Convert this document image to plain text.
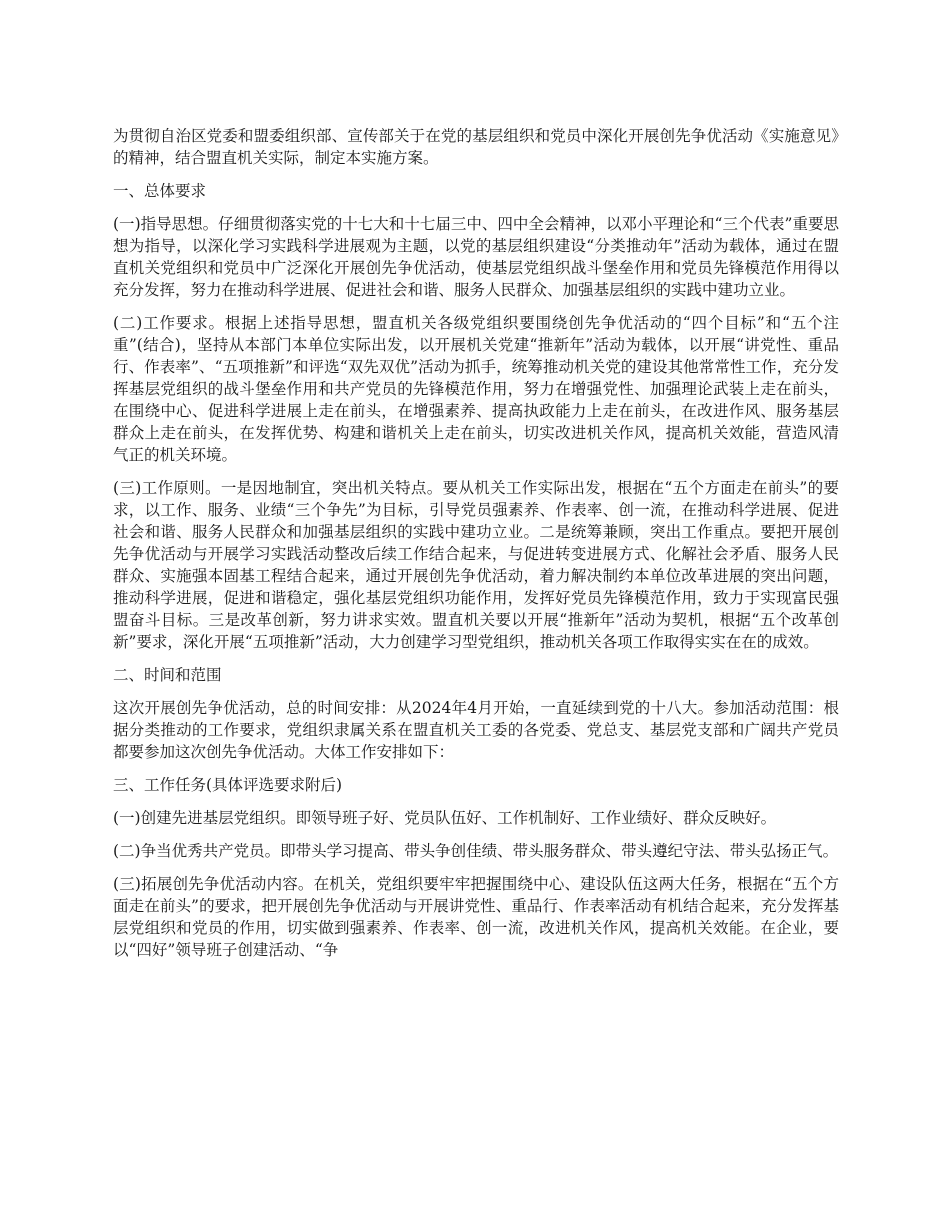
为贯彻自治区党委和盟委组织部、宣传部关于在党的基层组织和党员中深化开展创先争优活动《实施意见》的精神，结合盟直机关实际，制定本实施方案。

一、总体要求

(一)指导思想。仔细贯彻落实党的十七大和十七届三中、四中全会精神，以邓小平理论和“三个代表”重要思想为指导，以深化学习实践科学进展观为主题，以党的基层组织建设“分类推动年”活动为载体，通过在盟直机关党组织和党员中广泛深化开展创先争优活动，使基层党组织战斗堡垒作用和党员先锋模范作用得以充分发挥，努力在推动科学进展、促进社会和谐、服务人民群众、加强基层组织的实践中建功立业。

(二)工作要求。根据上述指导思想，盟直机关各级党组织要围绕创先争优活动的“四个目标”和“五个注重”(结合)，坚持从本部门本单位实际出发，以开展机关党建“推新年”活动为载体，以开展“讲党性、重品行、作表率”、“五项推新”和评选“双先双优”活动为抓手，统筹推动机关党的建设其他常常性工作，充分发挥基层党组织的战斗堡垒作用和共产党员的先锋模范作用，努力在增强党性、加强理论武装上走在前头，在围绕中心、促进科学进展上走在前头，在增强素养、提高执政能力上走在前头，在改进作风、服务基层群众上走在前头，在发挥优势、构建和谐机关上走在前头，切实改进机关作风，提高机关效能，营造风清气正的机关环境。

(三)工作原则。一是因地制宜，突出机关特点。要从机关工作实际出发，根据在“五个方面走在前头”的要求，以工作、服务、业绩“三个争先”为目标，引导党员强素养、作表率、创一流，在推动科学进展、促进社会和谐、服务人民群众和加强基层组织的实践中建功立业。二是统筹兼顾，突出工作重点。要把开展创先争优活动与开展学习实践活动整改后续工作结合起来，与促进转变进展方式、化解社会矛盾、服务人民群众、实施强本固基工程结合起来，通过开展创先争优活动，着力解决制约本单位改革进展的突出问题，推动科学进展，促进和谐稳定，强化基层党组织功能作用，发挥好党员先锋模范作用，致力于实现富民强盟奋斗目标。三是改革创新，努力讲求实效。盟直机关要以开展“推新年”活动为契机，根据“五个改革创新”要求，深化开展“五项推新”活动，大力创建学习型党组织，推动机关各项工作取得实实在在的成效。

二、时间和范围

这次开展创先争优活动，总的时间安排：从2024年4月开始，一直延续到党的十八大。参加活动范围：根据分类推动的工作要求，党组织隶属关系在盟直机关工委的各党委、党总支、基层党支部和广阔共产党员都要参加这次创先争优活动。大体工作安排如下：

三、工作任务(具体评选要求附后)

(一)创建先进基层党组织。即领导班子好、党员队伍好、工作机制好、工作业绩好、群众反映好。

(二)争当优秀共产党员。即带头学习提高、带头争创佳绩、带头服务群众、带头遵纪守法、带头弘扬正气。

(三)拓展创先争优活动内容。在机关，党组织要牢牢把握围绕中心、建设队伍这两大任务，根据在“五个方面走在前头”的要求，把开展创先争优活动与开展讲党性、重品行、作表率活动有机结合起来，充分发挥基层党组织和党员的作用，切实做到强素养、作表率、创一流，改进机关作风，提高机关效能。在企业，要以“四好”领导班子创建活动、“争
